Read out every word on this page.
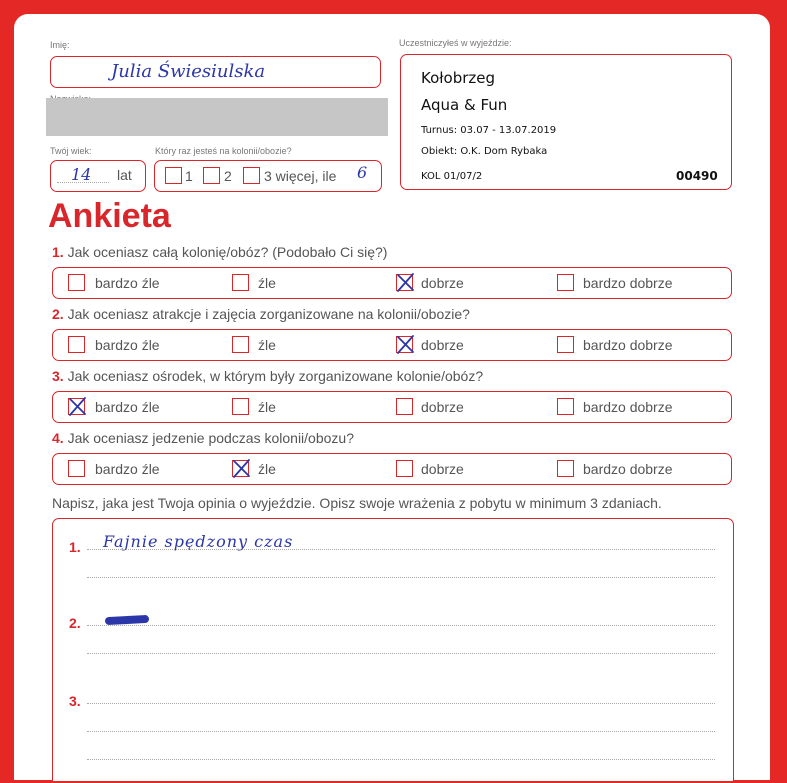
Imię:
Julia Świesiulska
Twój wiek:
14 lat
Który raz jesteś na kolonii/obozie?
1 2 3 więcej, ile 6
Uczestniczyłeś w wyjeździe:
Kołobrzeg
Aqua & Fun
Turnus: 03.07 - 13.07.2019
Obiekt: O.K. Dom Rybaka
KOL 01/07/2	00490
Ankieta
1. Jak oceniasz całą kolonię/obóz? (Podobało Ci się?)
bardzo źle	źle	dobrze	bardzo dobrze
2. Jak oceniasz atrakcje i zajęcia zorganizowane na kolonii/obozie?
bardzo źle	źle	dobrze	bardzo dobrze
3. Jak oceniasz ośrodek, w którym były zorganizowane kolonie/obóz?
bardzo źle	źle	dobrze	bardzo dobrze
4. Jak oceniasz jedzenie podczas kolonii/obozu?
bardzo źle	źle	dobrze	bardzo dobrze
Napisz, jaka jest Twoja opinia o wyjeździe. Opisz swoje wrażenia z pobytu w minimum 3 zdaniach.
1. Fajnie spędzony czas
2.
3.
